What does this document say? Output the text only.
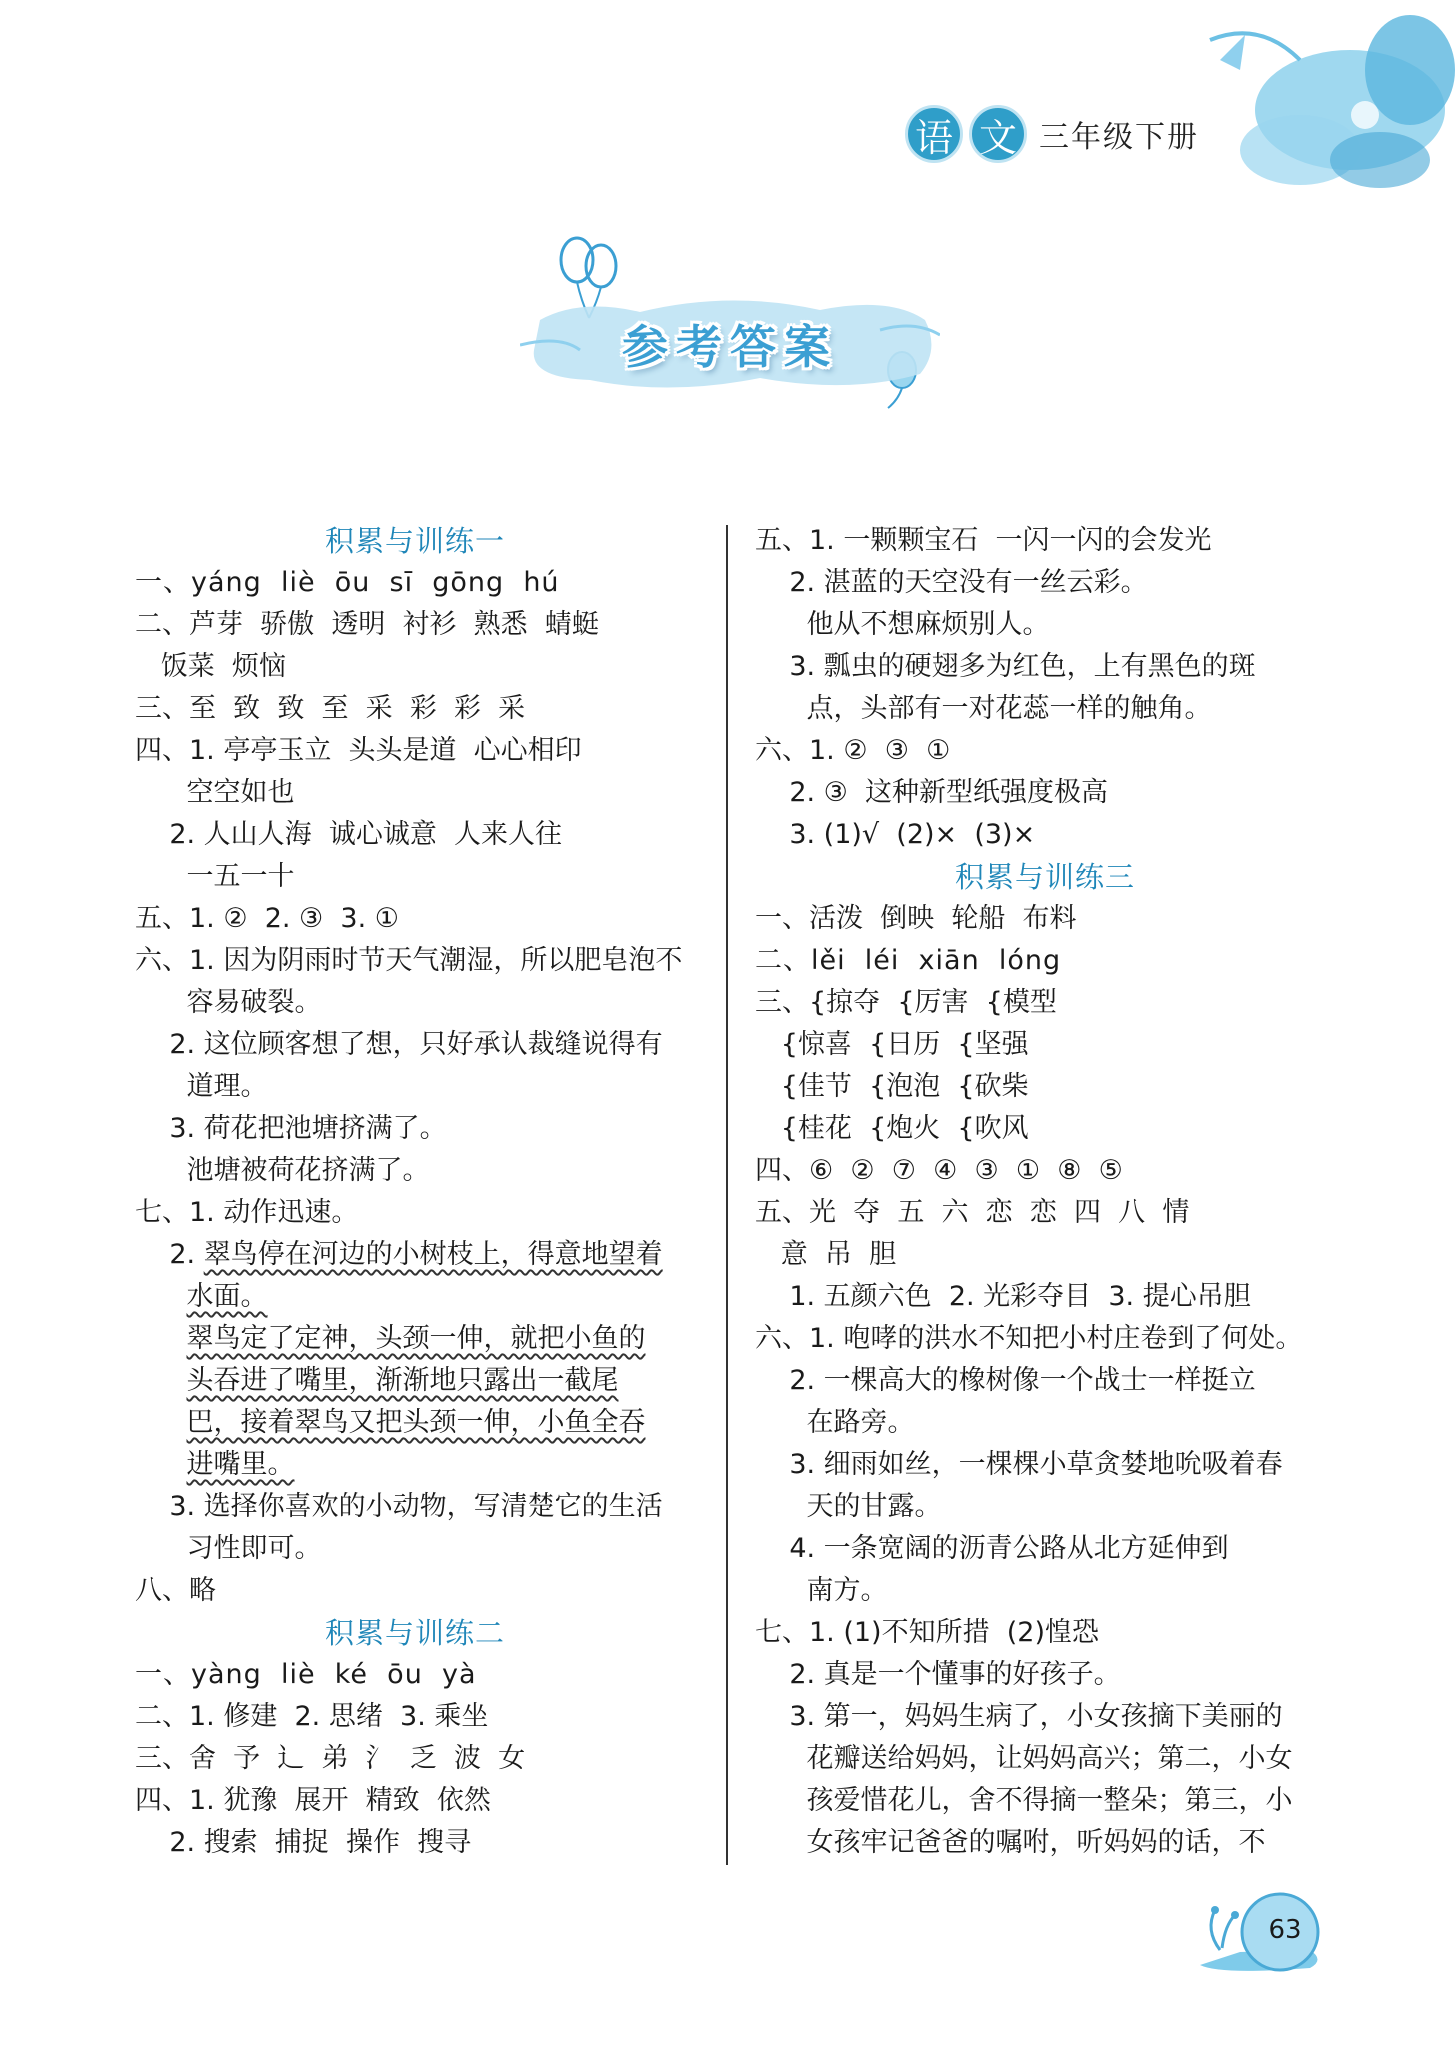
语 文 三年级下册
参考答案
积累与训练一
一、yáng  liè  ōu  sī  gōng  hú
二、芦芽  骄傲  透明  衬衫  熟悉  蜻蜓
饭菜  烦恼
三、至  致  致  至  采  彩  彩  采
四、1. 亭亭玉立  头头是道  心心相印
空空如也
2. 人山人海  诚心诚意  人来人往
一五一十
五、1. ②  2. ③  3. ①
六、1. 因为阴雨时节天气潮湿，所以肥皂泡不
容易破裂。
2. 这位顾客想了想，只好承认裁缝说得有
道理。
3. 荷花把池塘挤满了。
池塘被荷花挤满了。
七、1. 动作迅速。
2. 翠鸟停在河边的小树枝上，得意地望着
水面。
翠鸟定了定神，头颈一伸，就把小鱼的
头吞进了嘴里，渐渐地只露出一截尾
巴，接着翠鸟又把头颈一伸，小鱼全吞
进嘴里。
3. 选择你喜欢的小动物，写清楚它的生活
习性即可。
八、略
积累与训练二
一、yàng  liè  ké  ōu  yà
二、1. 修建  2. 思绪  3. 乘坐
三、舍  予  辶  弟  氵  乏  波  女
四、1. 犹豫  展开  精致  依然
2. 搜索  捕捉  操作  搜寻
五、1. 一颗颗宝石  一闪一闪的会发光
2. 湛蓝的天空没有一丝云彩。
他从不想麻烦别人。
3. 瓢虫的硬翅多为红色，上有黑色的斑
点，头部有一对花蕊一样的触角。
六、1. ②  ③  ①
2. ③  这种新型纸强度极高
3. (1)√  (2)×  (3)×
积累与训练三
一、活泼  倒映  轮船  布料
二、lěi  léi  xiān  lóng
三、{掠夺  {厉害  {模型
{惊喜  {日历  {坚强
{佳节  {泡泡  {砍柴
{桂花  {炮火  {吹风
四、⑥  ②  ⑦  ④  ③  ①  ⑧  ⑤
五、光  夺  五  六  恋  恋  四  八  情
意  吊  胆
1. 五颜六色  2. 光彩夺目  3. 提心吊胆
六、1. 咆哮的洪水不知把小村庄卷到了何处。
2. 一棵高大的橡树像一个战士一样挺立
在路旁。
3. 细雨如丝，一棵棵小草贪婪地吮吸着春
天的甘露。
4. 一条宽阔的沥青公路从北方延伸到
南方。
七、1. (1)不知所措  (2)惶恐
2. 真是一个懂事的好孩子。
3. 第一，妈妈生病了，小女孩摘下美丽的
花瓣送给妈妈，让妈妈高兴；第二，小女
孩爱惜花儿，舍不得摘一整朵；第三，小
女孩牢记爸爸的嘱咐，听妈妈的话，不
63
